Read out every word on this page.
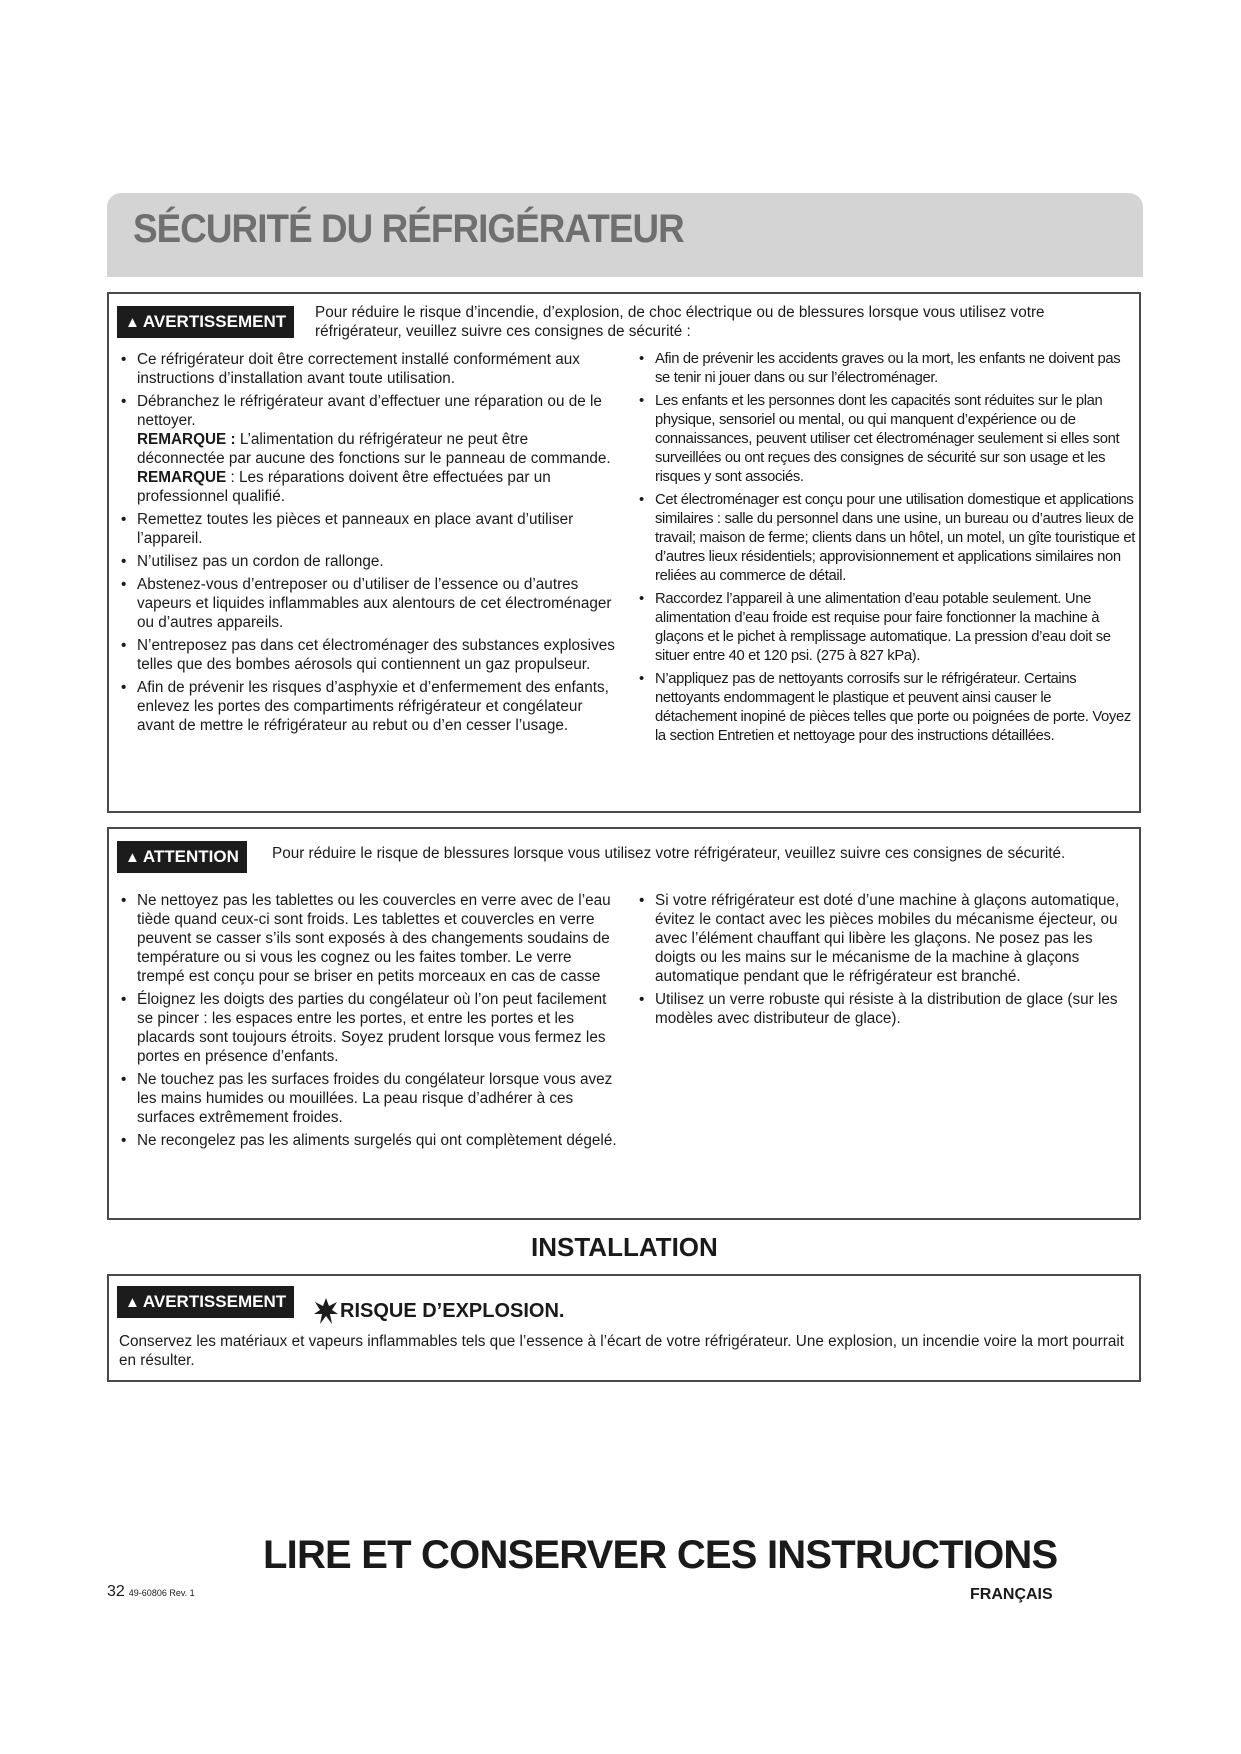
SÉCURITÉ DU RÉFRIGÉRATEUR
▲ AVERTISSEMENT Pour réduire le risque d’incendie, d’explosion, de choc électrique ou de blessures lorsque vous utilisez votre réfrigérateur, veuillez suivre ces consignes de sécurité :
• Ce réfrigérateur doit être correctement installé conformément aux instructions d’installation avant toute utilisation.
• Débranchez le réfrigérateur avant d’effectuer une réparation ou de le nettoyer.
REMARQUE : L’alimentation du réfrigérateur ne peut être déconnectée par aucune des fonctions sur le panneau de commande.
REMARQUE : Les réparations doivent être effectuées par un professionnel qualifié.
• Remettez toutes les pièces et panneaux en place avant d’utiliser l’appareil.
• N’utilisez pas un cordon de rallonge.
• Abstenez-vous d’entreposer ou d’utiliser de l’essence ou d’autres vapeurs et liquides inflammables aux alentours de cet électroménager ou d’autres appareils.
• N’entreposez pas dans cet électroménager des substances explosives telles que des bombes aérosols qui contiennent un gaz propulseur.
• Afin de prévenir les risques d’asphyxie et d’enfermement des enfants, enlevez les portes des compartiments réfrigérateur et congélateur avant de mettre le réfrigérateur au rebut ou d’en cesser l’usage.
• Afin de prévenir les accidents graves ou la mort, les enfants ne doivent pas se tenir ni jouer dans ou sur l’électroménager.
• Les enfants et les personnes dont les capacités sont réduites sur le plan physique, sensoriel ou mental, ou qui manquent d’expérience ou de connaissances, peuvent utiliser cet électroménager seulement si elles sont surveillées ou ont reçues des consignes de sécurité sur son usage et les risques y sont associés.
• Cet électroménager est conçu pour une utilisation domestique et applications similaires : salle du personnel dans une usine, un bureau ou d’autres lieux de travail; maison de ferme; clients dans un hôtel, un motel, un gîte touristique et d’autres lieux résidentiels; approvisionnement et applications similaires non reliées au commerce de détail.
• Raccordez l’appareil à une alimentation d’eau potable seulement. Une alimentation d’eau froide est requise pour faire fonctionner la machine à glaçons et le pichet à remplissage automatique. La pression d’eau doit se situer entre 40 et 120 psi. (275 à 827 kPa).
• N’appliquez pas de nettoyants corrosifs sur le réfrigérateur. Certains nettoyants endommagent le plastique et peuvent ainsi causer le détachement inopiné de pièces telles que porte ou poignées de porte. Voyez la section Entretien et nettoyage pour des instructions détaillées.
▲ ATTENTION Pour réduire le risque de blessures lorsque vous utilisez votre réfrigérateur, veuillez suivre ces consignes de sécurité.
• Ne nettoyez pas les tablettes ou les couvercles en verre avec de l’eau tiède quand ceux-ci sont froids. Les tablettes et couvercles en verre peuvent se casser s’ils sont exposés à des changements soudains de température ou si vous les cognez ou les faites tomber. Le verre trempé est conçu pour se briser en petits morceaux en cas de casse
• Éloignez les doigts des parties du congélateur où l’on peut facilement se pincer : les espaces entre les portes, et entre les portes et les placards sont toujours étroits. Soyez prudent lorsque vous fermez les portes en présence d’enfants.
• Ne touchez pas les surfaces froides du congélateur lorsque vous avez les mains humides ou mouillées. La peau risque d’adhérer à ces surfaces extrêmement froides.
• Ne recongelez pas les aliments surgelés qui ont complètement dégelé.
• Si votre réfrigérateur est doté d’une machine à glaçons automatique, évitez le contact avec les pièces mobiles du mécanisme éjecteur, ou avec l’élément chauffant qui libère les glaçons. Ne posez pas les doigts ou les mains sur le mécanisme de la machine à glaçons automatique pendant que le réfrigérateur est branché.
• Utilisez un verre robuste qui résiste à la distribution de glace (sur les modèles avec distributeur de glace).
INSTALLATION
▲ AVERTISSEMENT	RISQUE D’EXPLOSION.
Conservez les matériaux et vapeurs inflammables tels que l’essence à l’écart de votre réfrigérateur. Une explosion, un incendie voire la mort pourrait en résulter.
LIRE ET CONSERVER CES INSTRUCTIONS
32 49-60806 Rev. 1	FRANÇAIS
